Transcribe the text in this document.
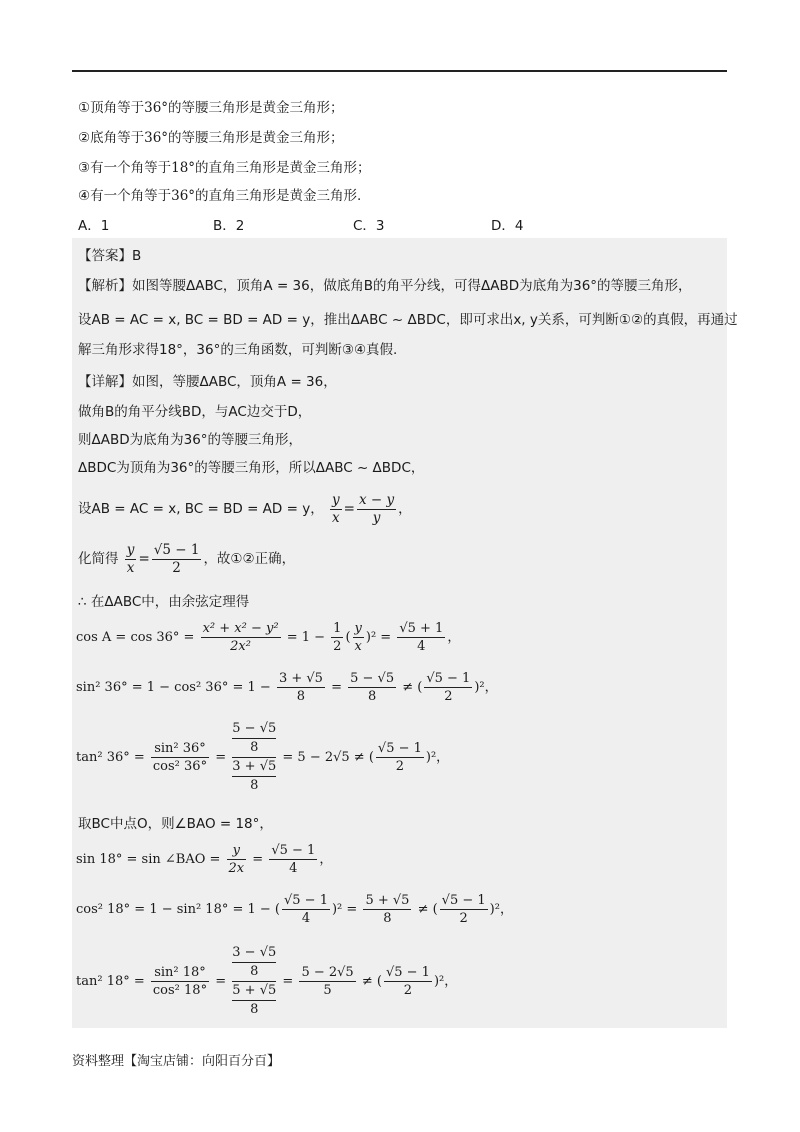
①顶角等于36°的等腰三角形是黄金三角形；
②底角等于36°的等腰三角形是黄金三角形；
③有一个角等于18°的直角三角形是黄金三角形；
④有一个角等于36°的直角三角形是黄金三角形.
A．1	B．2	C．3	D．4
【答案】B
【解析】如图等腰ΔABC，顶角A = 36，做底角B的角平分线，可得ΔABD为底角为36°的等腰三角形，
设AB = AC = x, BC = BD = AD = y，推出ΔABC ~ ΔBDC，即可求出x, y关系，可判断①②的真假，再通过
解三角形求得18°，36°的三角函数，可判断③④真假.
【详解】如图，等腰ΔABC，顶角A = 36，
做角B的角平分线BD，与AC边交于D，
则ΔABD为底角为36°的等腰三角形，
ΔBDC为顶角为36°的等腰三角形，所以ΔABC ~ ΔBDC，
设AB = AC = x, BC = BD = AD = y， $\frac{y}{x} = \frac{x - y}{y}$ ，
化简得 $\frac{y}{x} = \frac{√5 - 1}{2}$ ，故①②正确，
∴ 在ΔABC中，由余弦定理得
$\cos A = \cos 36^\circ = \frac{\text{x² + x² − y²}}{\text{2x²}} = 1 - \frac{1}{2}$ ( $\frac{y}{x} )^2 = \frac{√5 + 1}{4}$ ，
sin² 36° = 1 − cos² $36^\circ = 1 - \frac{3 + √5}{8} = \frac{5 - √5}{8}$ ≠ ( $\frac{√5 - 1}{2} )^2$，
tan² $36^\circ = \frac{\text{sin² 36°}}{\text{cos² 36°}}$ =
5 − √5
8
3 + √5
8
= 5 − 2√5 ≠ ( $\frac{√5 - 1}{2} )^2$，
取BC中点O，则∠BAO = 18°，
sin 18° = sin ∠BAO = $\frac{y}{2x} = \frac{√5 - 1}{4}$ ，
cos² 18° = 1 − sin² 18° = 1 − ( $\frac{√5 - 1}{4} )^2 = \frac{5 + √5}{8}$ ≠ ( $\frac{√5 - 1}{2} )^2$，
tan² $18^\circ = \frac{\text{sin² 18°}}{\text{cos² 18°}}$ =
3 − √5
8
5 + √5
8
= $\frac{5 - 2√5}{5}$ ≠ ( $\frac{√5 - 1}{2} )^2$，
资料整理【淘宝店铺：向阳百分百】
